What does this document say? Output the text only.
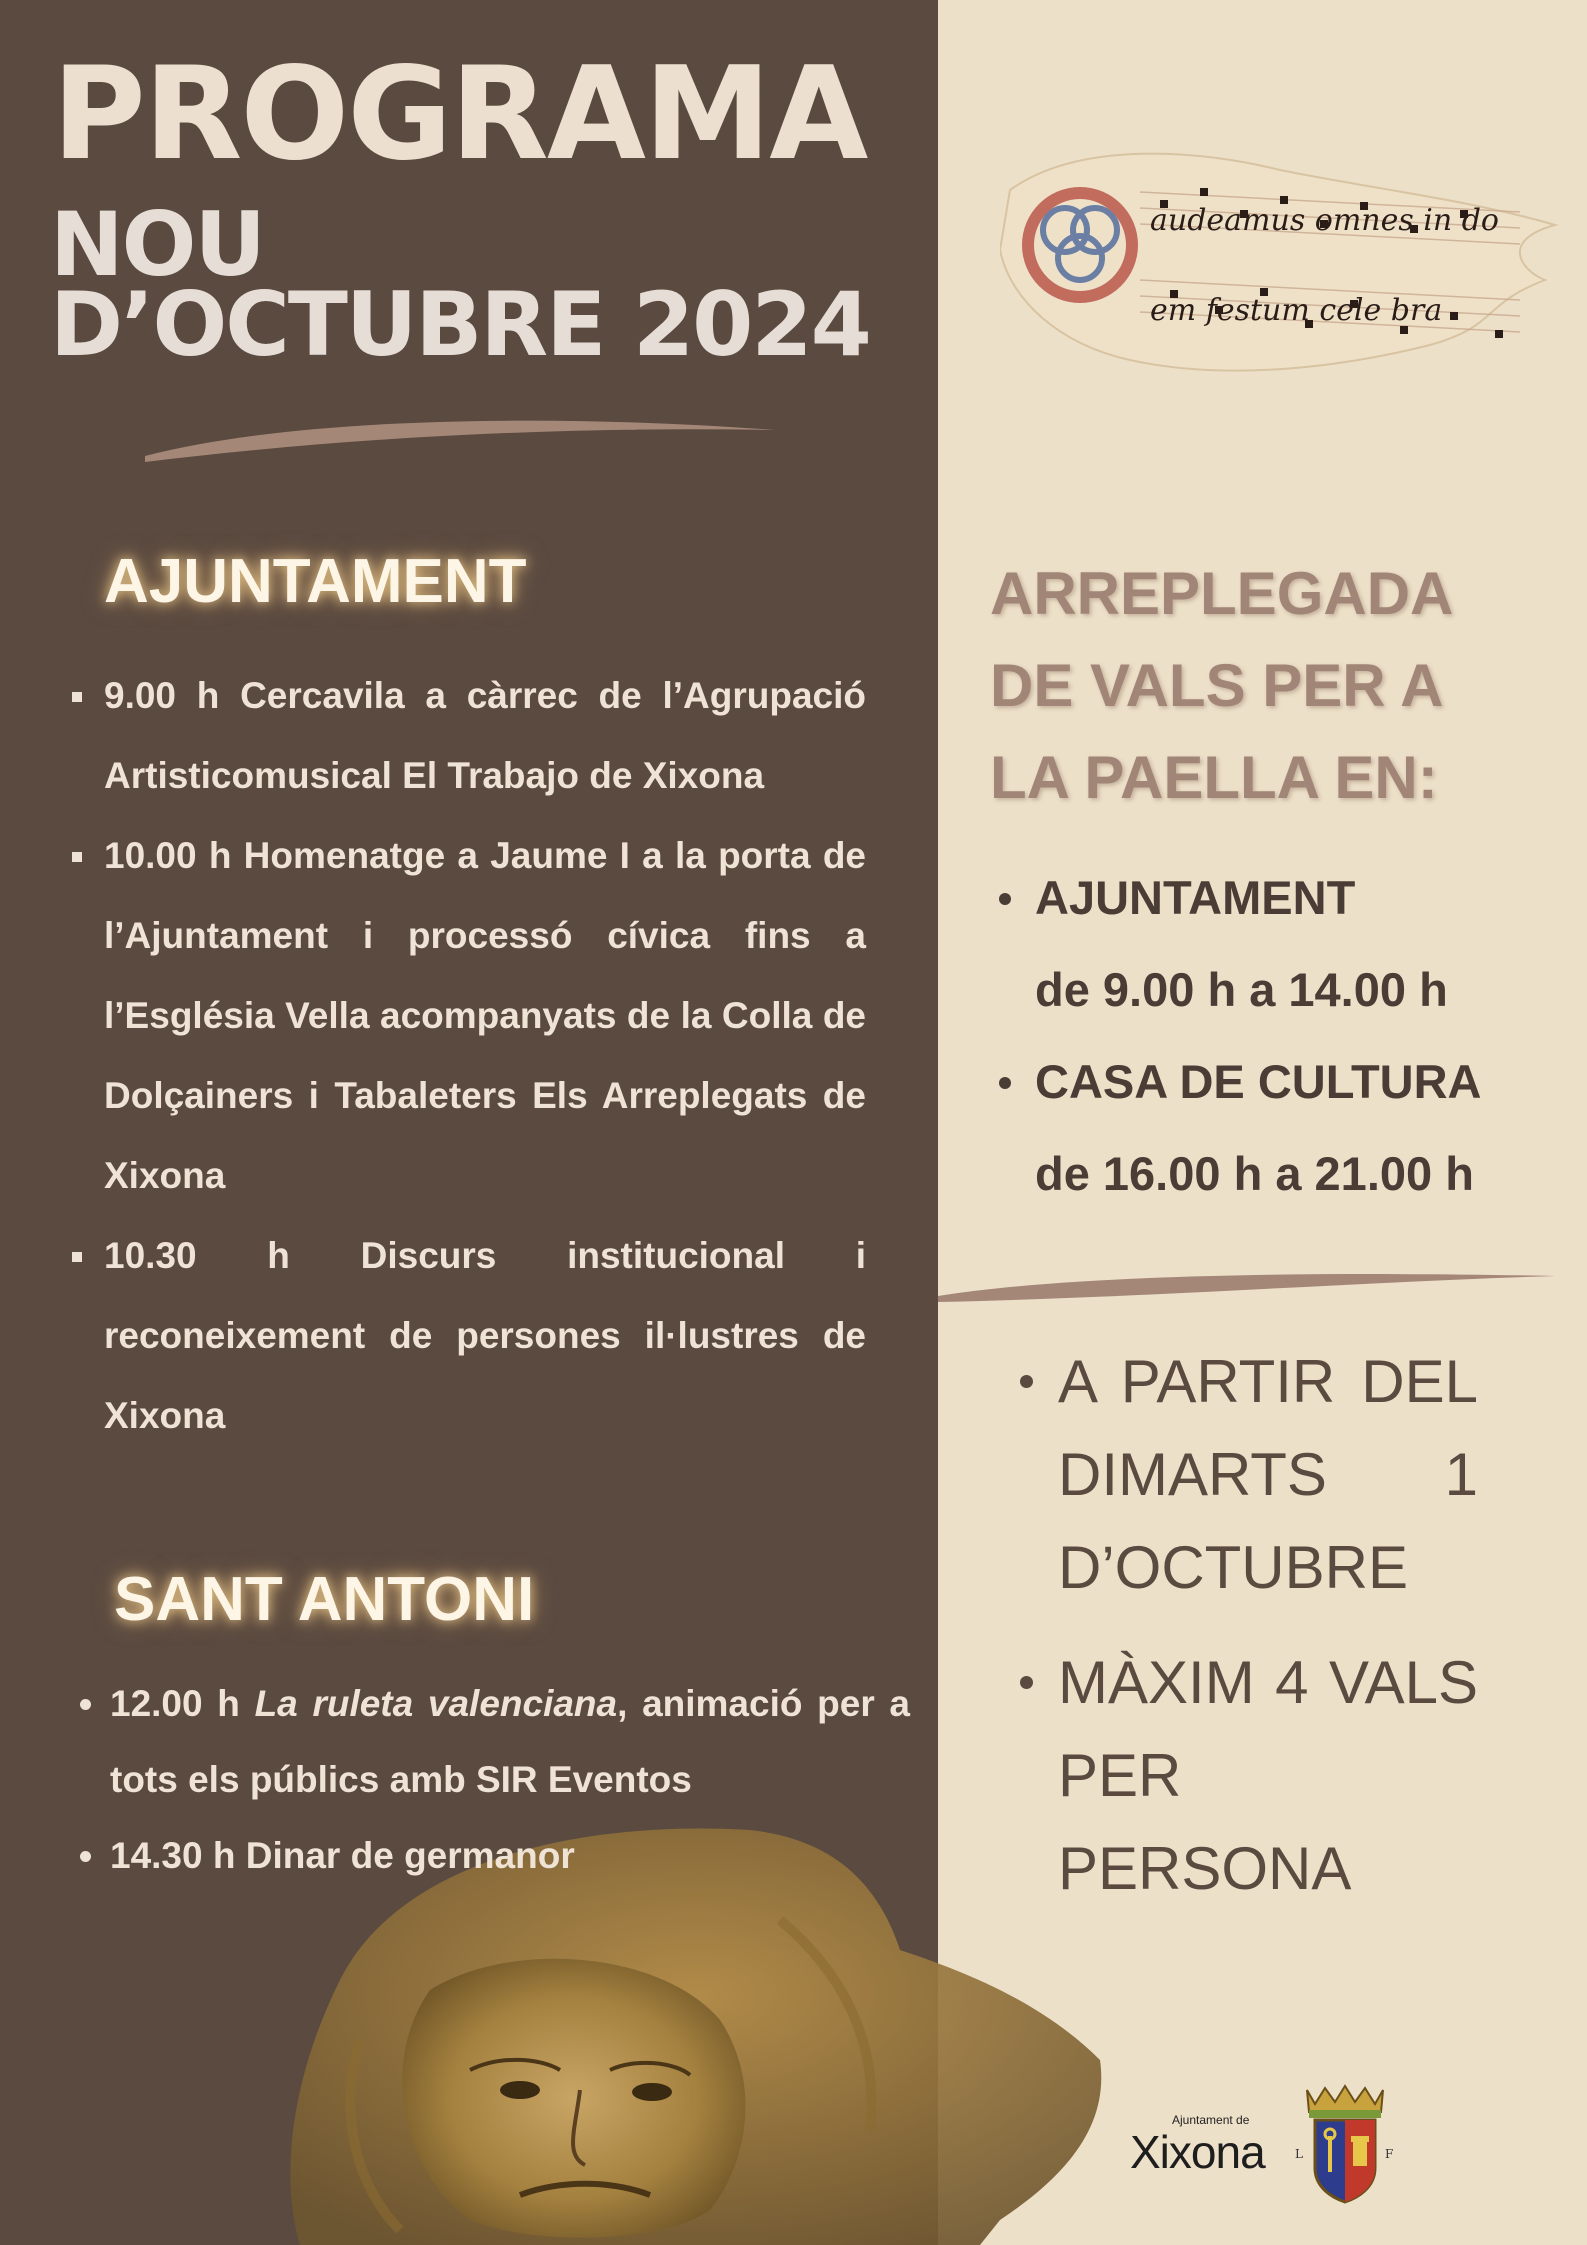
PROGRAMA
NOU
D’OCTUBRE 2024
AJUNTAMENT
9.00 h Cercavila a càrrec de l’Agrupació Artisticomusical El Trabajo de Xixona
10.00 h Homenatge a Jaume I a la porta de l’Ajuntament i processó cívica fins a l’Església Vella acompanyats de la Colla de Dolçainers i Tabaleters Els Arreplegats de Xixona
10.30 h Discurs institucional i reconeixement de persones il·lustres de Xixona
SANT ANTONI
12.00 h La ruleta valenciana, animació per a tots els públics amb SIR Eventos
14.30 h Dinar de germanor
audeamus omnes in do
em festum cele bra
ARREPLEGADA
DE VALS PER A
LA PAELLA EN:
AJUNTAMENT
de 9.00 h a 14.00 h
CASA DE CULTURA
de 16.00 h a 21.00 h
A PARTIR DEL DIMARTS 1 D’OCTUBRE
MÀXIM 4 VALS PER PERSONA
Ajuntament de
Xixona	L	F
